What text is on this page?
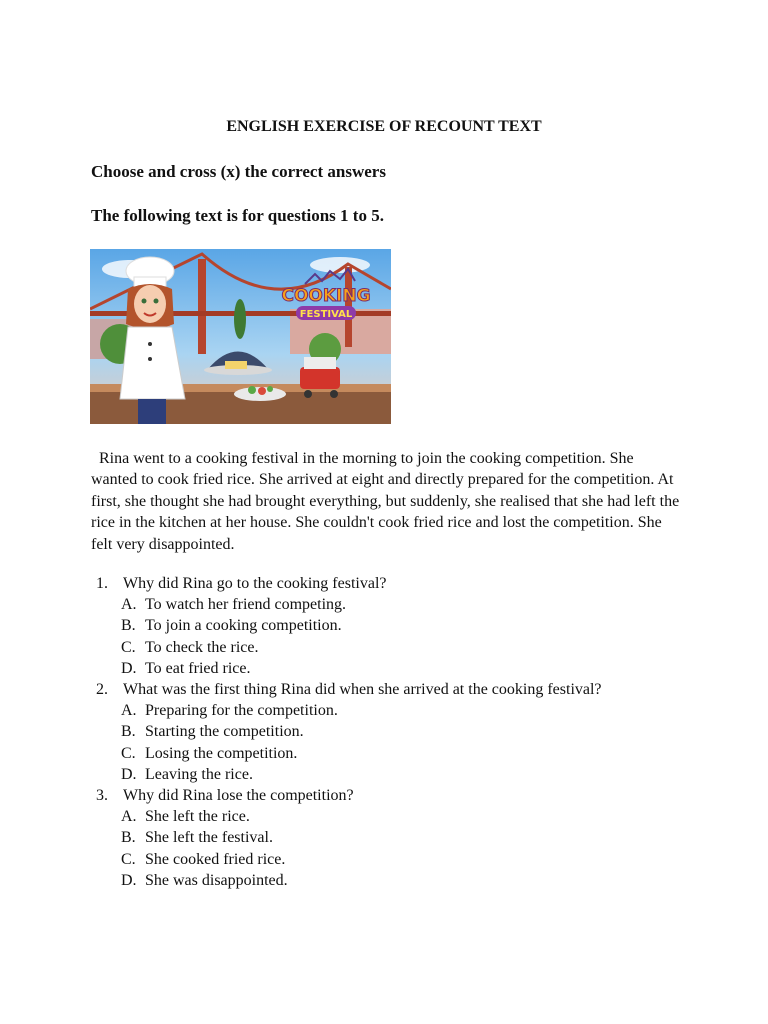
ENGLISH EXERCISE OF RECOUNT TEXT
Choose and cross (x) the correct answers
The following text is for questions 1 to 5.
COOKING
FESTIVAL
Rina went to a cooking festival in the morning to join the cooking competition. She wanted to cook fried rice. She arrived at eight and directly prepared for the competition. At first, she thought she had brought everything, but suddenly, she realised that she had left the rice in the kitchen at her house. She couldn't cook fried rice and lost the competition. She felt very disappointed.
1. Why did Rina go to the cooking festival?
A. To watch her friend competing.
B. To join a cooking competition.
C. To check the rice.
D. To eat fried rice.
2. What was the first thing Rina did when she arrived at the cooking festival?
A. Preparing for the competition.
B. Starting the competition.
C. Losing the competition.
D. Leaving the rice.
3. Why did Rina lose the competition?
A. She left the rice.
B. She left the festival.
C. She cooked fried rice.
D. She was disappointed.
